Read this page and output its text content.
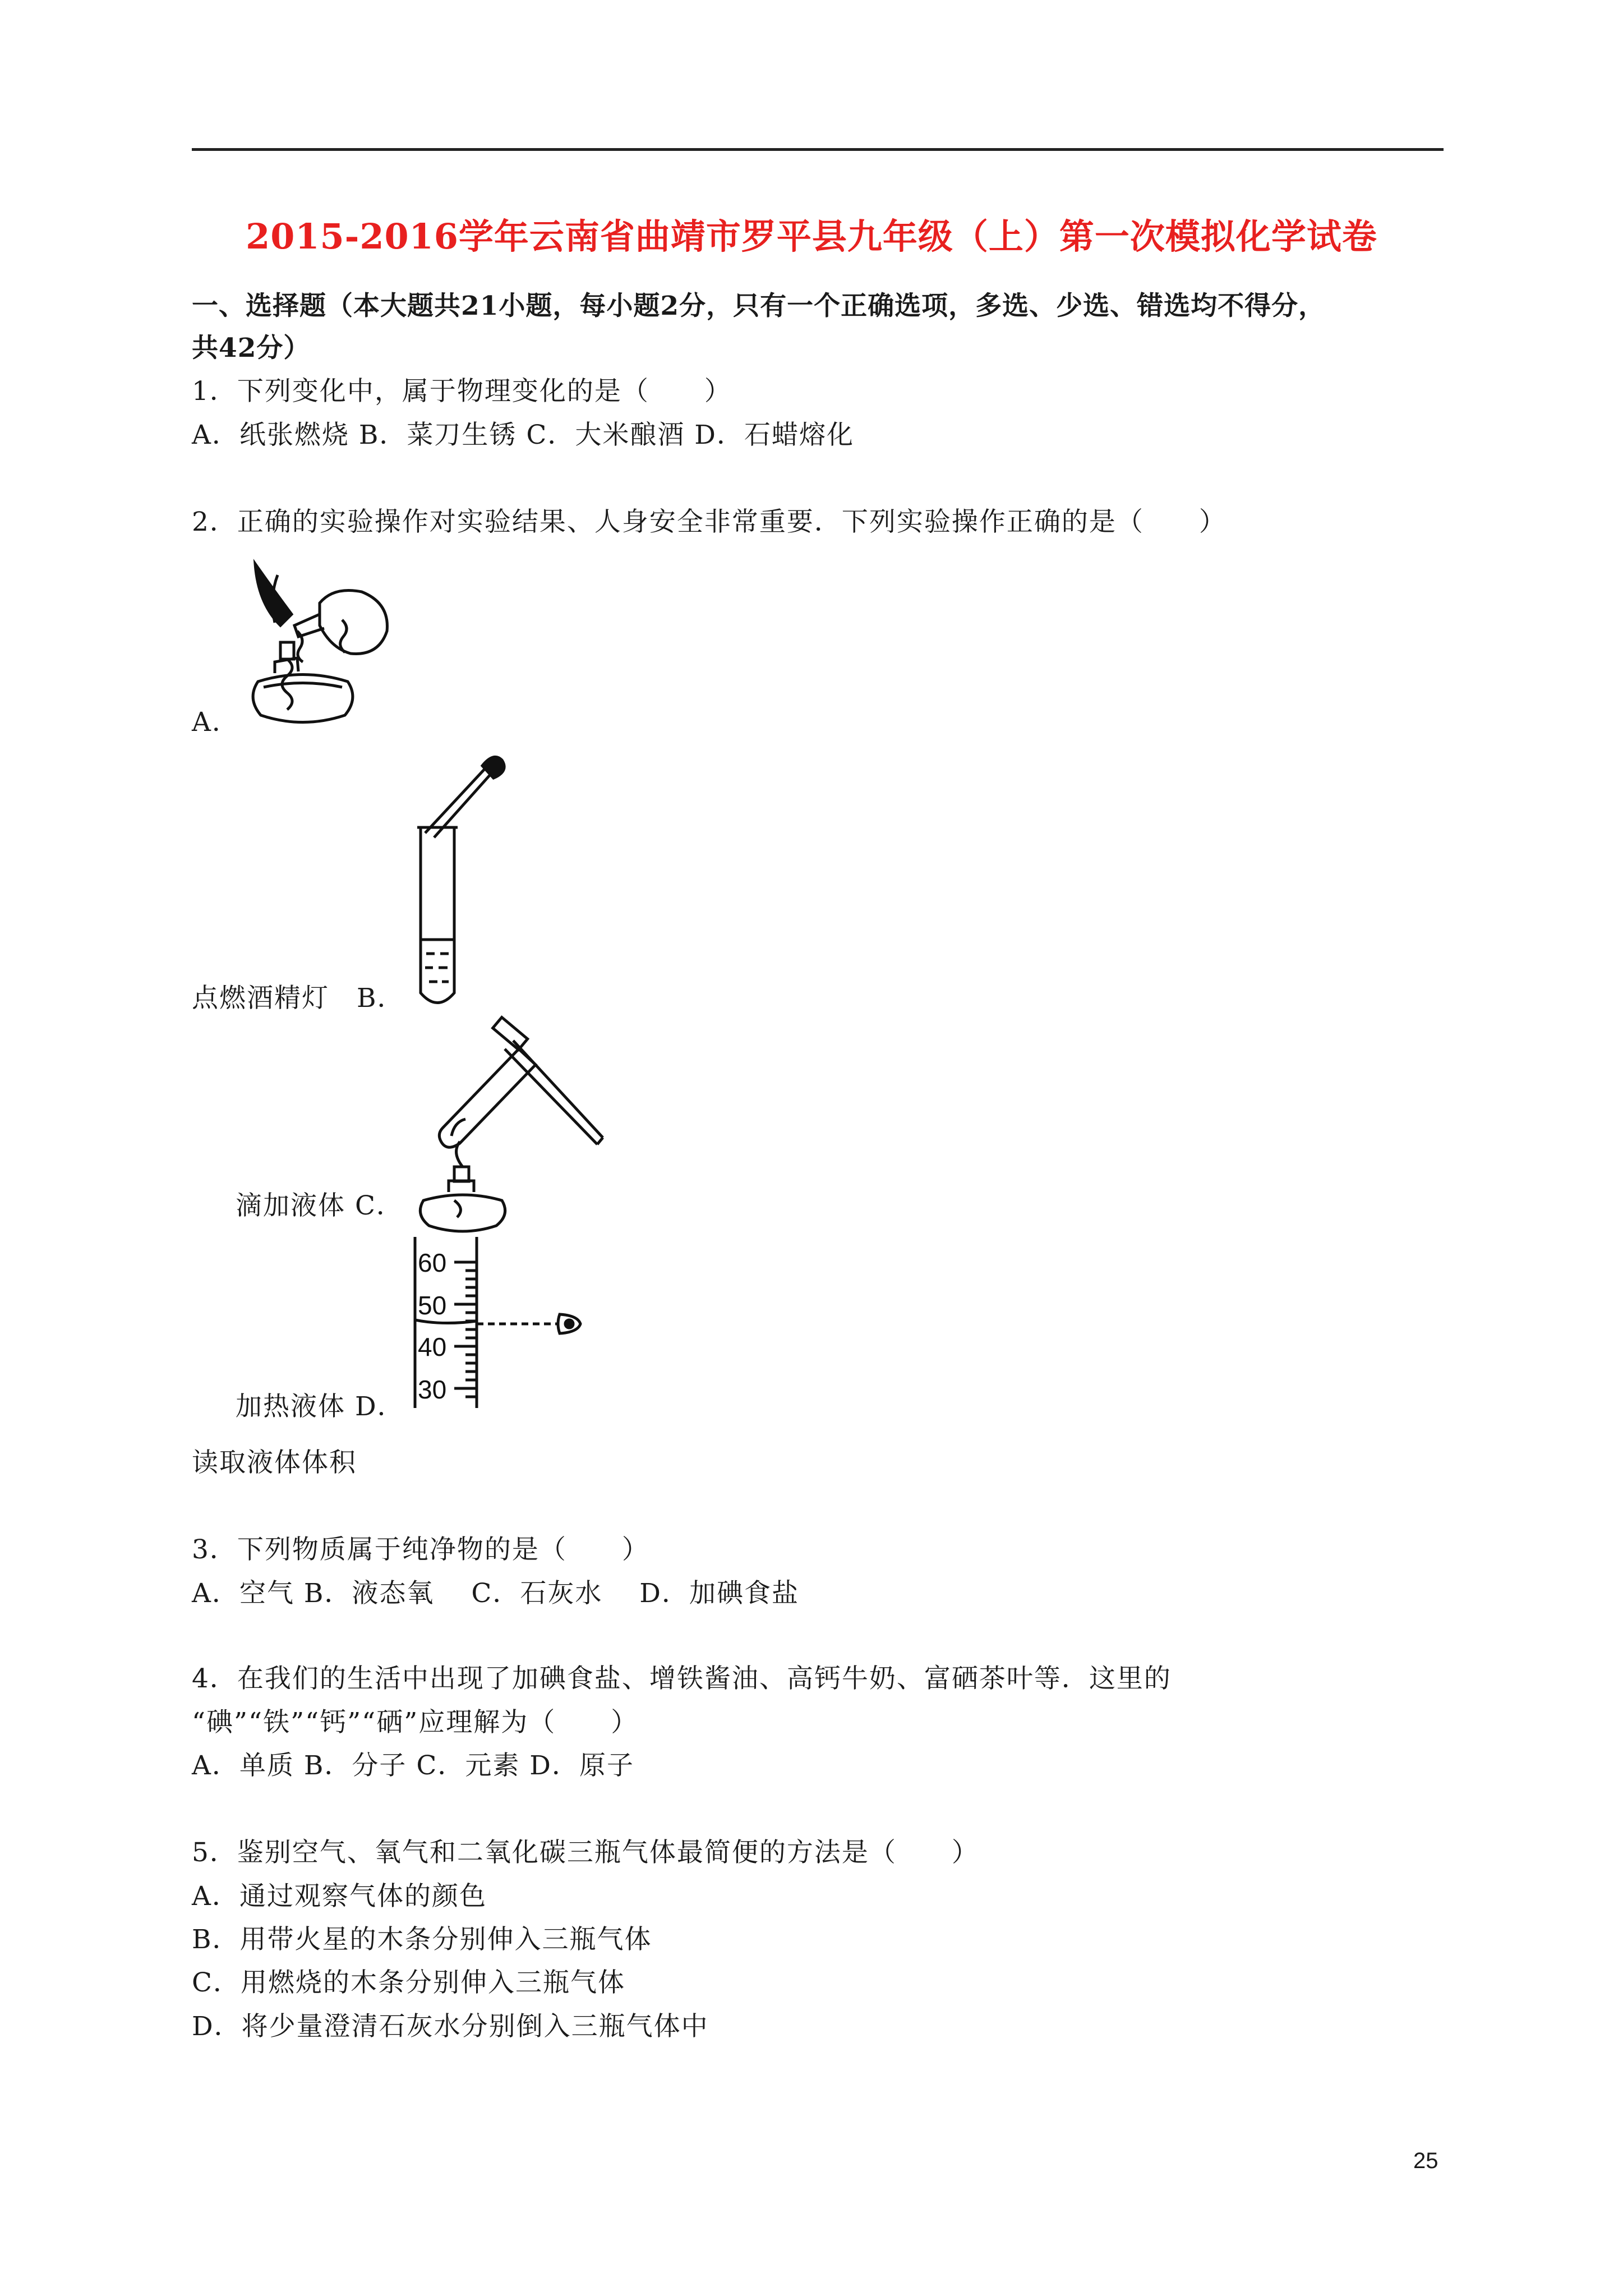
2015-2016学年云南省曲靖市罗平县九年级（上）第一次模拟化学试卷
一、选择题（本大题共21小题，每小题2分，只有一个正确选项，多选、少选、错选均不得分，
共42分）
1．下列变化中，属于物理变化的是（　　）
A．纸张燃烧 B．菜刀生锈 C．大米酿酒 D．石蜡熔化
2．正确的实验操作对实验结果、人身安全非常重要．下列实验操作正确的是（　　）
A．
点燃酒精灯　B．
滴加液体 C．
60
50
40
30
加热液体 D．
读取液体体积
3．下列物质属于纯净物的是（　　）
A．空气 B．液态氧　 C．石灰水　 D．加碘食盐
4．在我们的生活中出现了加碘食盐、增铁酱油、高钙牛奶、富硒茶叶等．这里的
“碘”“铁”“钙”“硒”应理解为（　　）
A．单质 B．分子 C．元素 D．原子
5．鉴别空气、氧气和二氧化碳三瓶气体最简便的方法是（　　）
A．通过观察气体的颜色
B．用带火星的木条分别伸入三瓶气体
C．用燃烧的木条分别伸入三瓶气体
D．将少量澄清石灰水分别倒入三瓶气体中
25
